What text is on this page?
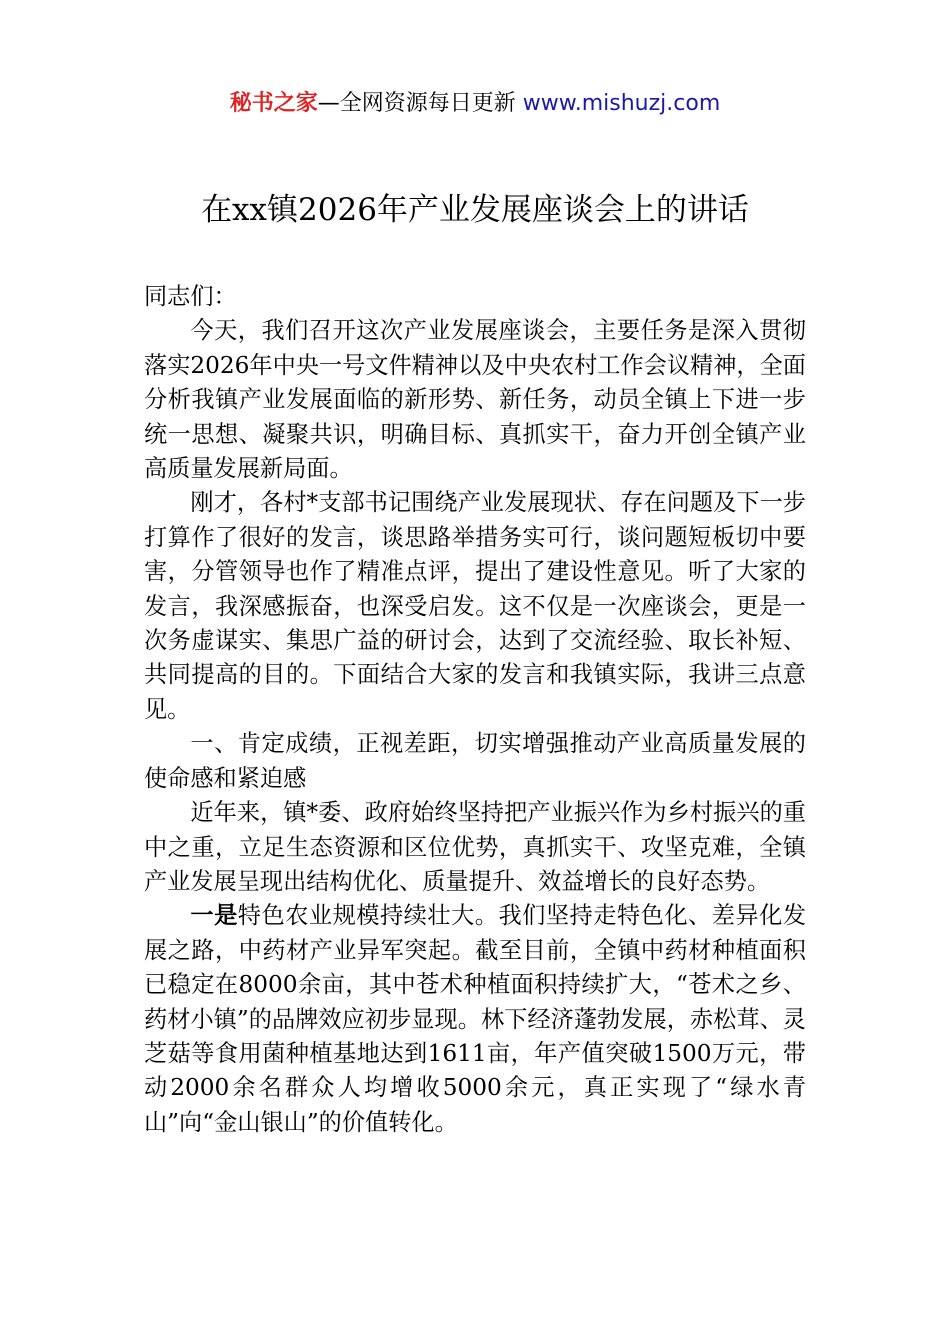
秘书之家—全网资源每日更新 www.mishuzj.com
在xx镇2026年产业发展座谈会上的讲话

同志们：

今天，我们召开这次产业发展座谈会，主要任务是深入贯彻落实2026年中央一号文件精神以及中央农村工作会议精神，全面分析我镇产业发展面临的新形势、新任务，动员全镇上下进一步统一思想、凝聚共识，明确目标、真抓实干，奋力开创全镇产业高质量发展新局面。

刚才，各村*支部书记围绕产业发展现状、存在问题及下一步打算作了很好的发言，谈思路举措务实可行，谈问题短板切中要害，分管领导也作了精准点评，提出了建设性意见。听了大家的发言，我深感振奋，也深受启发。这不仅是一次座谈会，更是一次务虚谋实、集思广益的研讨会，达到了交流经验、取长补短、共同提高的目的。下面结合大家的发言和我镇实际，我讲三点意见。

一、肯定成绩，正视差距，切实增强推动产业高质量发展的使命感和紧迫感

近年来，镇*委、政府始终坚持把产业振兴作为乡村振兴的重中之重，立足生态资源和区位优势，真抓实干、攻坚克难，全镇产业发展呈现出结构优化、质量提升、效益增长的良好态势。

一是特色农业规模持续壮大。我们坚持走特色化、差异化发展之路，中药材产业异军突起。截至目前，全镇中药材种植面积已稳定在8000余亩，其中苍术种植面积持续扩大，“苍术之乡、药材小镇”的品牌效应初步显现。林下经济蓬勃发展，赤松茸、灵芝菇等食用菌种植基地达到1611亩，年产值突破1500万元，带动2000余名群众人均增收5000余元，真正实现了“绿水青山”向“金山银山”的价值转化。
